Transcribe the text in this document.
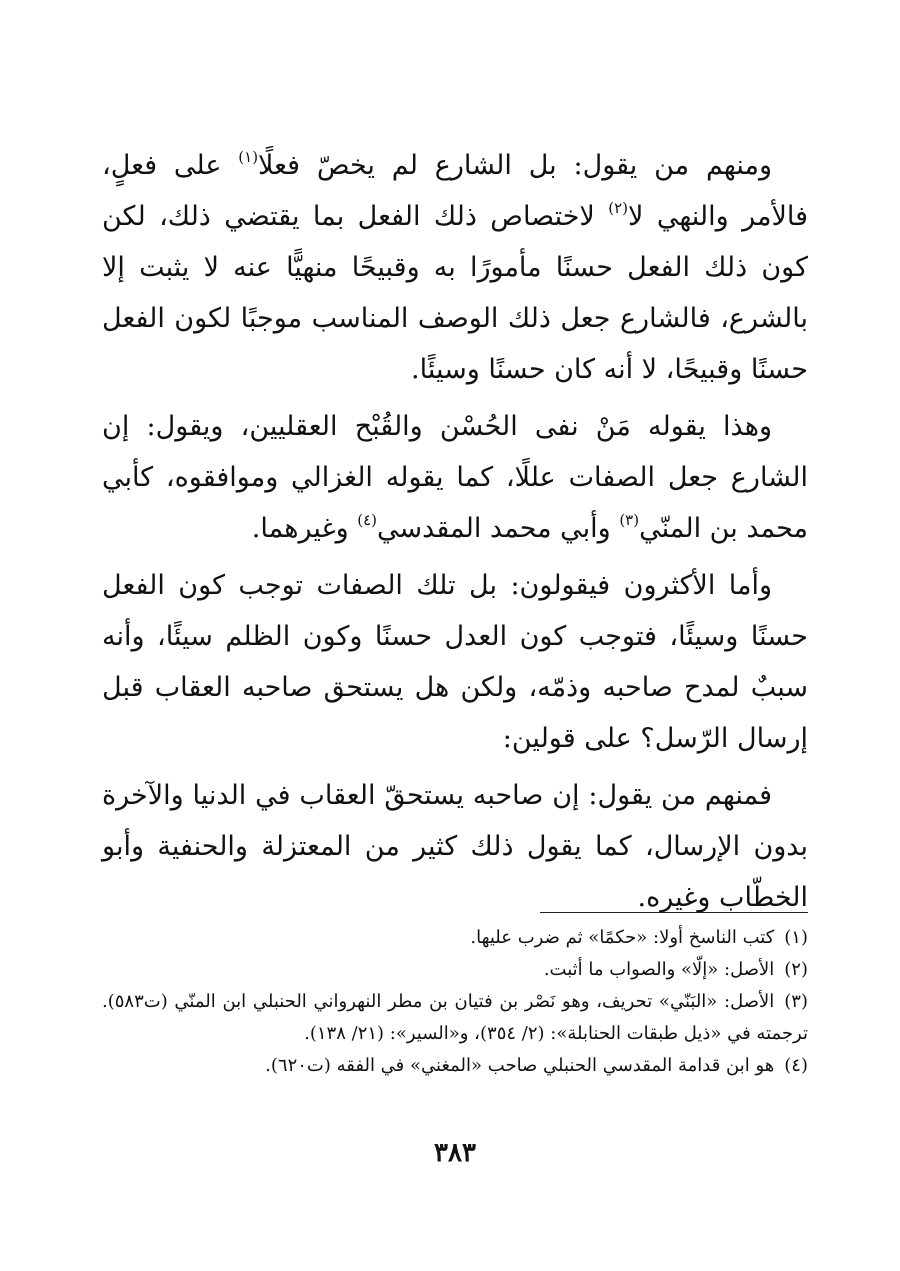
ومنهم من يقول: بل الشارع لم يخصّ فعلًا$^{(١)}$ على فعلٍ، فالأمر والنهي لا$^{(٢)}$ لاختصاص ذلك الفعل بما يقتضي ذلك، لكن كون ذلك الفعل حسنًا مأمورًا به وقبيحًا منهيًّا عنه لا يثبت إلا بالشرع، فالشارع جعل ذلك الوصف المناسب موجبًا لكون الفعل حسنًا وقبيحًا، لا أنه كان حسنًا وسيئًا.

وهذا يقوله مَنْ نفى الحُسْن والقُبْح العقليين، ويقول: إن الشارع جعل الصفات عللًا، كما يقوله الغزالي وموافقوه، كأبي محمد بن المنّي$^{(٣)}$ وأبي محمد المقدسي$^{(٤)}$ وغيرهما.

وأما الأكثرون فيقولون: بل تلك الصفات توجب كون الفعل حسنًا وسيئًا، فتوجب كون العدل حسنًا وكون الظلم سيئًا، وأنه سببٌ لمدح صاحبه وذمّه، ولكن هل يستحق صاحبه العقاب قبل إرسال الرّسل؟ على قولين:

فمنهم من يقول: إن صاحبه يستحقّ العقاب في الدنيا والآخرة بدون الإرسال، كما يقول ذلك كثير من المعتزلة والحنفية وأبو الخطّاب وغيره.

(١)كتب الناسخ أولا: «حكمًا» ثم ضرب عليها.

(٢)الأصل: «إلّا» والصواب ما أثبت.

(٣)الأصل: «البَنّي» تحريف، وهو نَصْر بن فتيان بن مطر النهرواني الحنبلي ابن المنّي (ت٥٨٣). ترجمته في «ذيل طبقات الحنابلة»: (٢/ ٣٥٤)، و«السير»: (٢١/ ١٣٨).

(٤)هو ابن قدامة المقدسي الحنبلي صاحب «المغني» في الفقه (ت٦٢٠).

٣٨٣
